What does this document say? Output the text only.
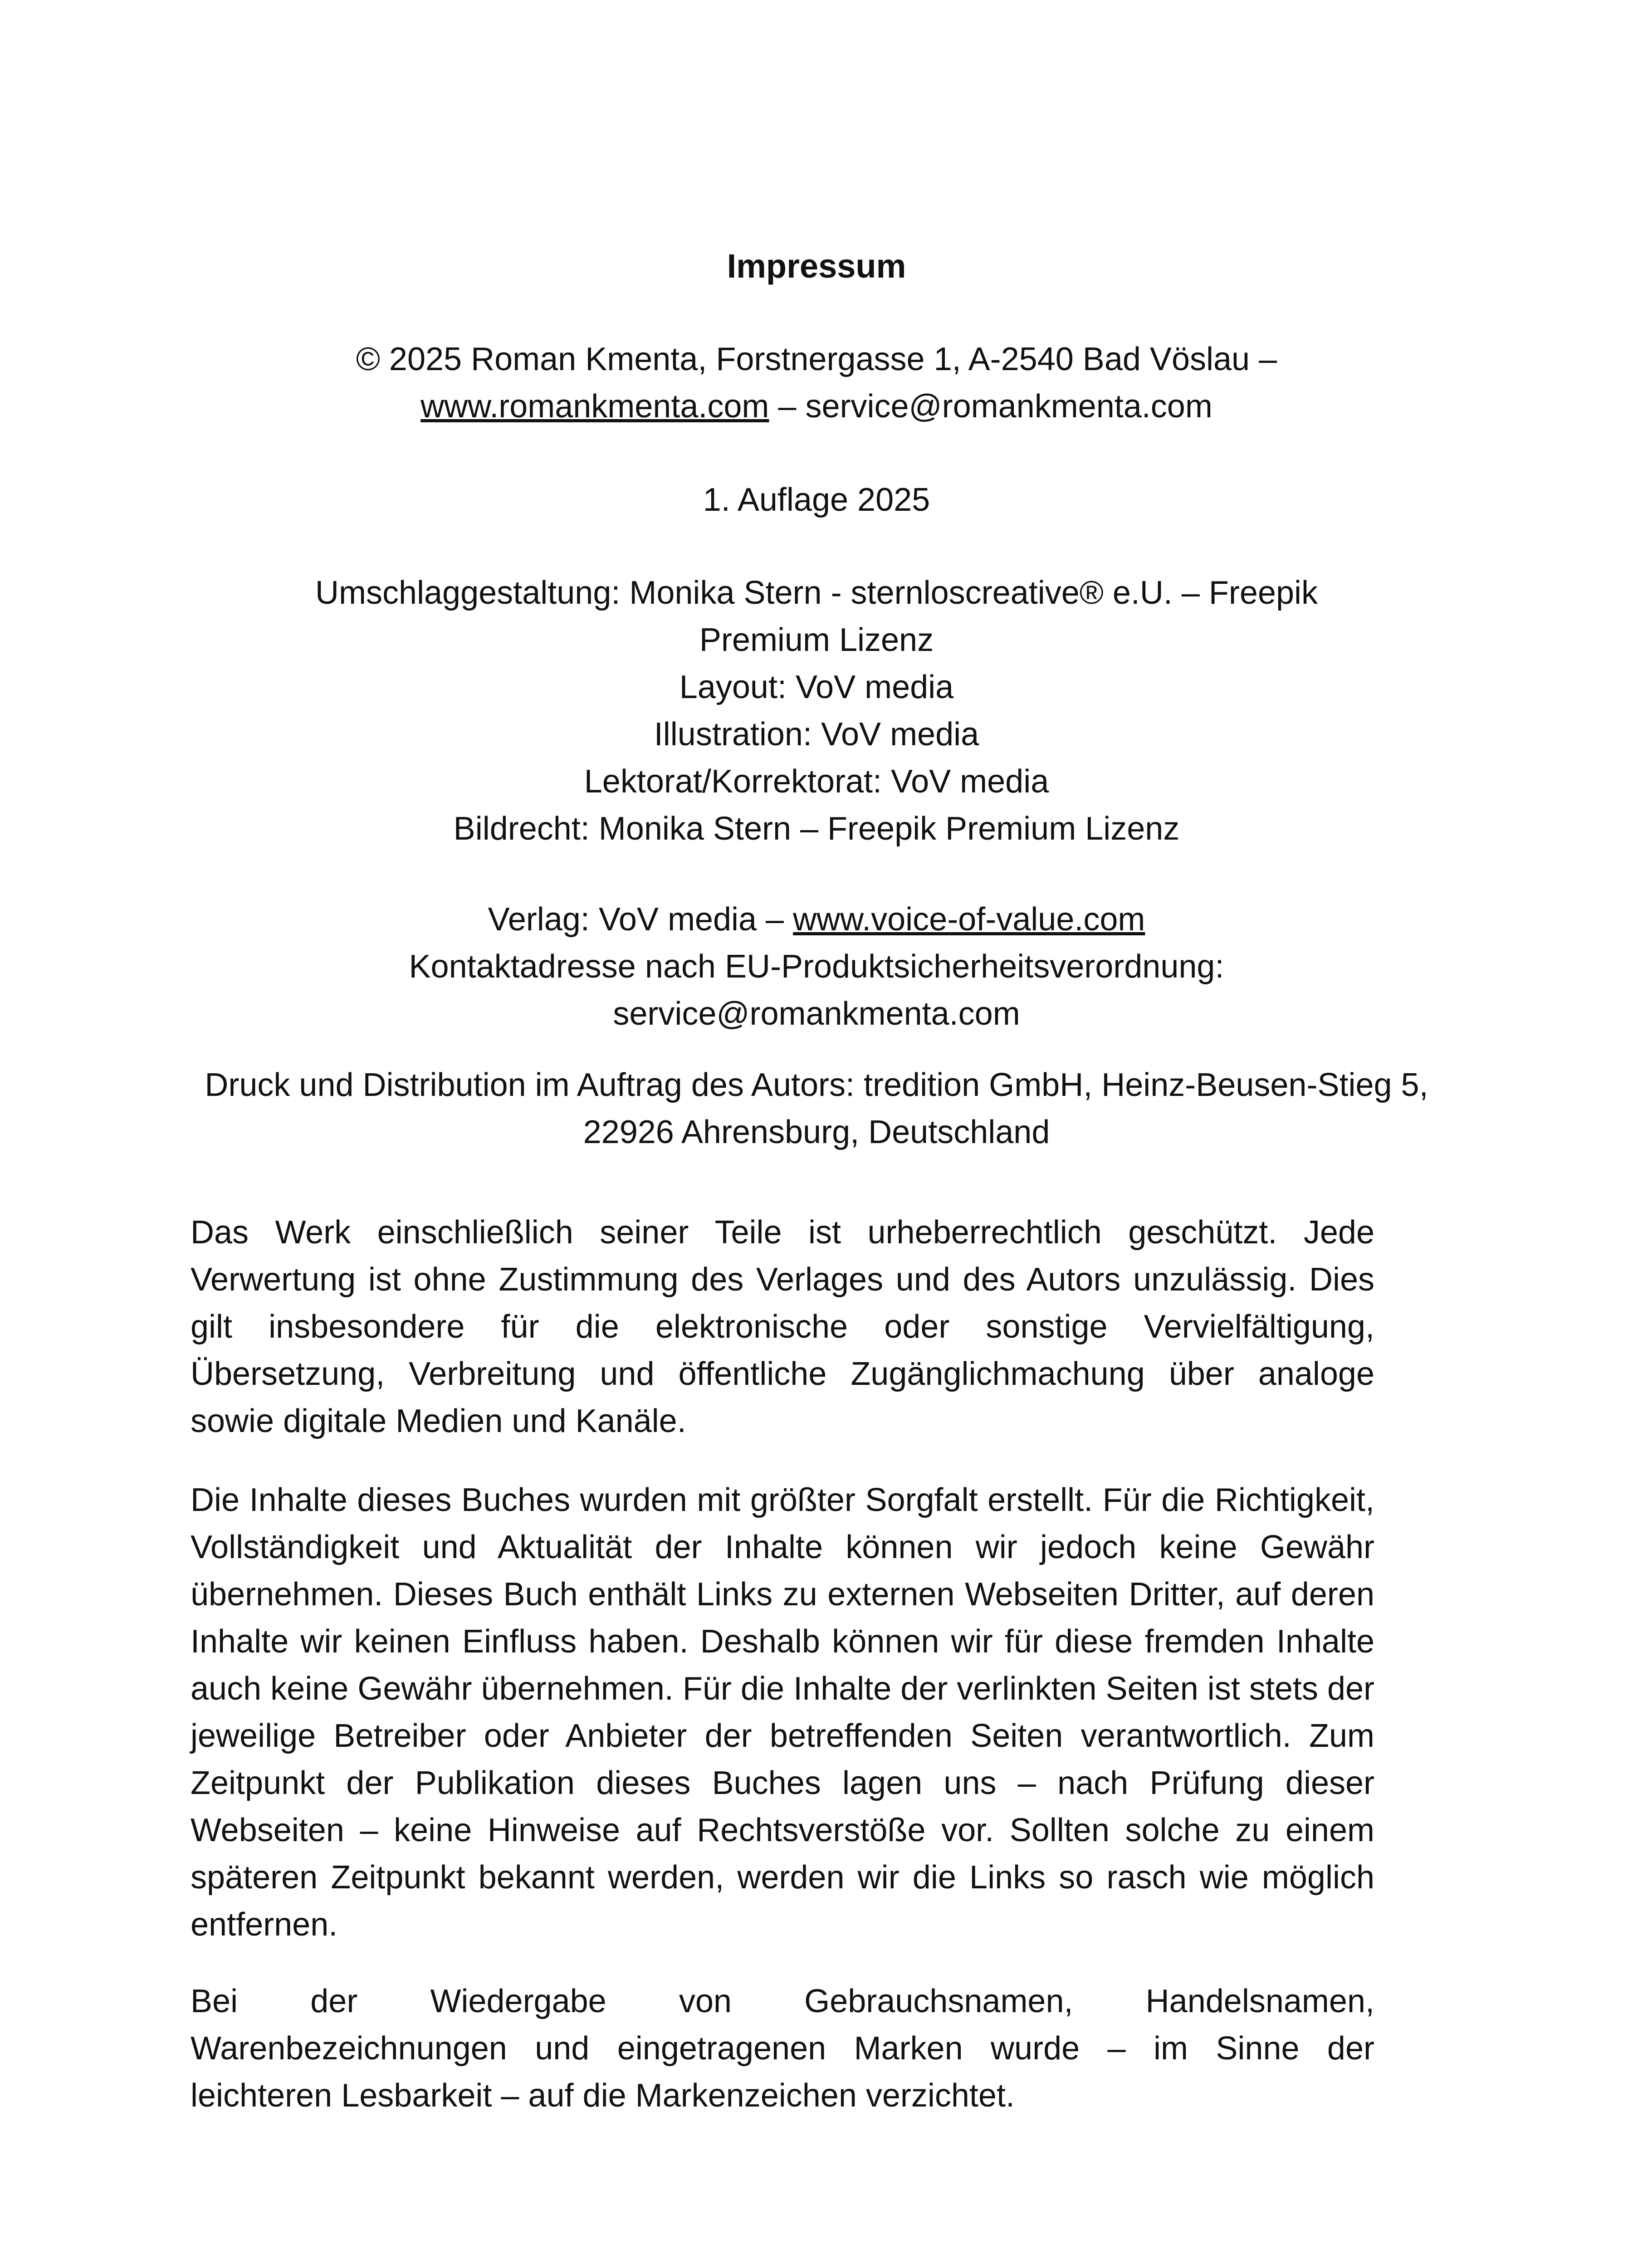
Impressum

© 2025 Roman Kmenta, Forstnergasse 1, A-2540 Bad Vöslau –

www.romankmenta.com – service@romankmenta.com

1. Auflage 2025

Umschlaggestaltung: Monika Stern - sternloscreative® e.U. – Freepik Premium Lizenz

Layout: VoV media

Illustration: VoV media

Lektorat/Korrektorat: VoV media

Bildrecht: Monika Stern – Freepik Premium Lizenz

Verlag: VoV media – www.voice-of-value.com

Kontaktadresse nach EU-Produktsicherheitsverordnung:

service@romankmenta.com

Druck und Distribution im Auftrag des Autors: tredition GmbH, Heinz-Beusen-Stieg 5, 22926 Ahrensburg, Deutschland

Das Werk einschließlich seiner Teile ist urheberrechtlich geschützt. Jede Verwertung ist ohne Zustimmung des Verlages und des Autors unzulässig. Dies gilt insbesondere für die elektronische oder sonstige Vervielfältigung, Übersetzung, Verbreitung und öffentliche Zugänglichmachung über analoge sowie digitale Medien und Kanäle.

Die Inhalte dieses Buches wurden mit größter Sorgfalt erstellt. Für die Richtigkeit, Vollständigkeit und Aktualität der Inhalte können wir jedoch keine Gewähr übernehmen. Dieses Buch enthält Links zu externen Webseiten Dritter, auf deren Inhalte wir keinen Einfluss haben. Deshalb können wir für diese fremden Inhalte auch keine Gewähr übernehmen. Für die Inhalte der verlinkten Seiten ist stets der jeweilige Betreiber oder Anbieter der betreffenden Seiten verantwortlich. Zum Zeitpunkt der Publikation dieses Buches lagen uns – nach Prüfung dieser Webseiten – keine Hinweise auf Rechtsverstöße vor. Sollten solche zu einem späteren Zeitpunkt bekannt werden, werden wir die Links so rasch wie möglich entfernen.

Bei der Wiedergabe von Gebrauchsnamen, Handelsnamen, Warenbezeichnungen und eingetragenen Marken wurde – im Sinne der leichteren Lesbarkeit – auf die Markenzeichen verzichtet.
